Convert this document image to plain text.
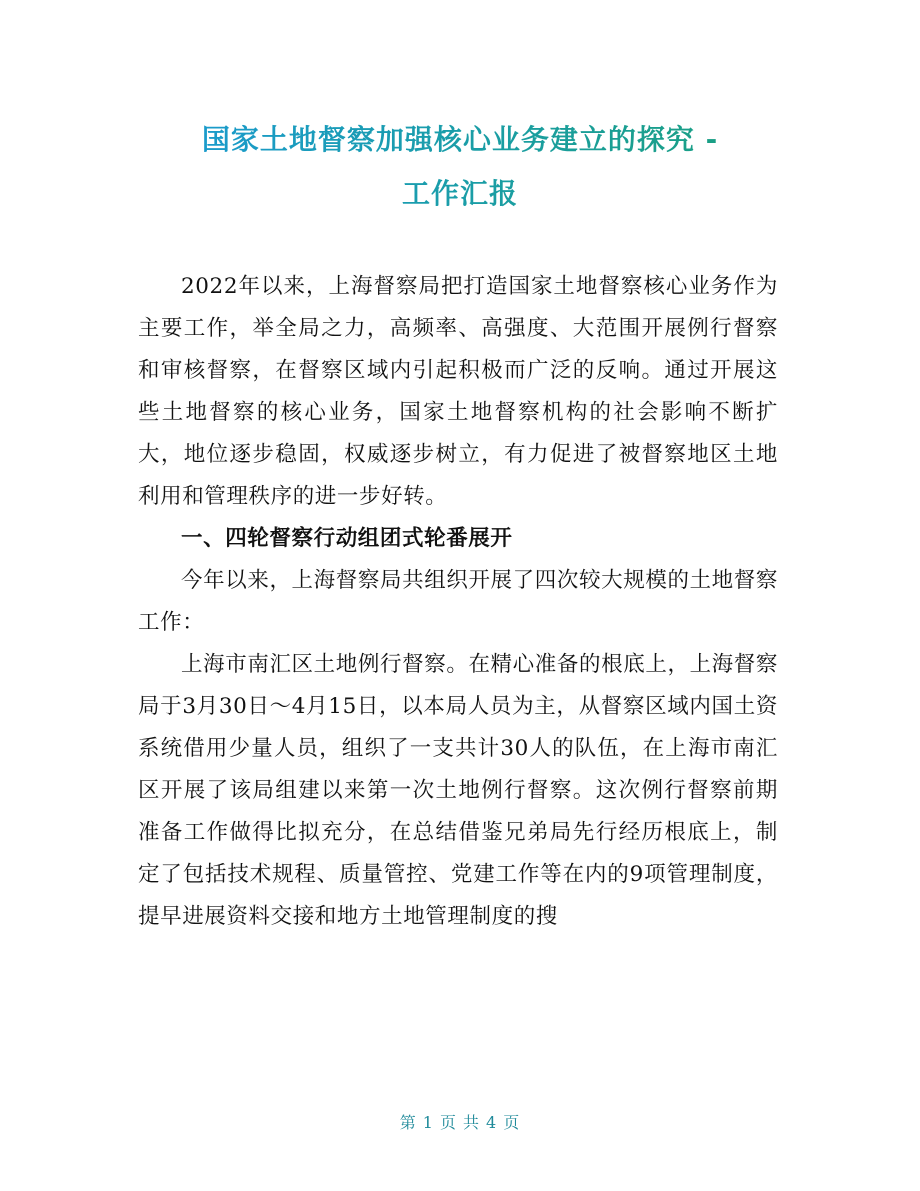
国家土地督察加强核心业务建立的探究 -
工作汇报

2022年以来，上海督察局把打造国家土地督察核心业务作为主要工作，举全局之力，高频率、高强度、大范围开展例行督察和审核督察，在督察区域内引起积极而广泛的反响。通过开展这些土地督察的核心业务，国家土地督察机构的社会影响不断扩大，地位逐步稳固，权威逐步树立，有力促进了被督察地区土地利用和管理秩序的进一步好转。

一、四轮督察行动组团式轮番展开

今年以来，上海督察局共组织开展了四次较大规模的土地督察工作：

上海市南汇区土地例行督察。在精心准备的根底上，上海督察局于3月30日～4月15日，以本局人员为主，从督察区域内国土资系统借用少量人员，组织了一支共计30人的队伍，在上海市南汇区开展了该局组建以来第一次土地例行督察。这次例行督察前期准备工作做得比拟充分，在总结借鉴兄弟局先行经历根底上，制定了包括技术规程、质量管控、党建工作等在内的9项管理制度，提早进展资料交接和地方土地管理制度的搜

第 1 页 共 4 页
